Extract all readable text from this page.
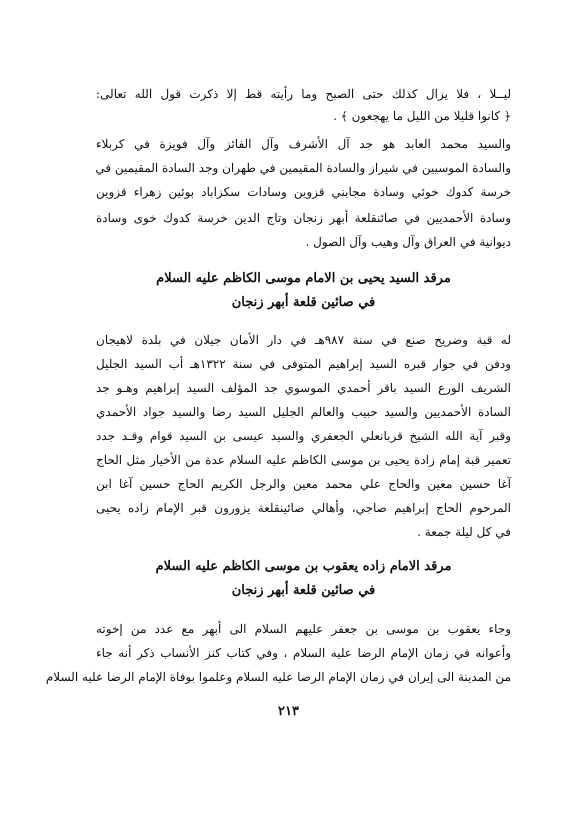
ليــلا ، فلا يزال كذلك حتى الصبح وما رأيته قط إلا ذكرت قول الله تعالى:
﴿ كانوا قليلا من الليل ما يهجعون ﴾ .
والسيد محمد العابد هو جد آل الأشرف وآل الفائز وآل فويزة في كربلاء
والسادة الموسيين في شيراز والسادة المقيمين في طهران وجد السادة المقيمين في
خرسة كدوك خوئي وسادة مجابني قزوين وسادات سكزاباد بوئين زهراء قزوين
وسادة الأحمديين في صائنقلعة أبهر زنجان وتاج الدين خرسة كدوك خوى وسادة
ديوانية في العراق وآل وهيب وآل الصول .
مرقد السيد يحيى بن الامام موسى الكاظم عليه السلام
في صائين قلعة أبهر زنجان
له قبة وضريح صنع في سنة ٩٨٧هـ في دار الأمان جيلان في بلدة لاهيجان
ودفن في جوار قبره السيد إبراهيم المتوفى في سنة ١٣٢٢هـ أب السيد الجليل
الشريف الورع السيد باقر أحمدي الموسوي جد المؤلف السيد إبراهيم وهـو جد
السادة الأحمديين والسيد حبيب والعالم الجليل السيد رضا والسيد جواد الأحمدي
وقبر آية الله الشيخ قربانعلي الجعفري والسيد عيسى بن السيد قوام وقـد جدد
تعمير قبة إمام زادة يحيى بن موسى الكاظم عليه السلام عدة من الأخيار مثل الحاج
آغا حسين معين والحاج علي محمد معين والرجل الكريم الحاج حسين آغا ابن
المرحوم الحاج إبراهيم صاجي، وأهالي صائينقلعة يزورون قبر الإمام زاده يحيى
في كل ليلة جمعة .
مرقد الامام زاده يعقوب بن موسى الكاظم عليه السلام
في صائين قلعة أبهر زنجان
وجاء يعقوب بن موسى بن جعفر عليهم السلام الى أبهر مع عدد من إخوته
وأعوانه في زمان الإمام الرضا عليه السلام ، وفي كتاب كنز الأنساب ذكر أنه جاء
من المدينة الى إيران في زمان الإمام الرضا عليه السلام وعلموا بوفاة الإمام الرضا عليه السلام
٢١٣
